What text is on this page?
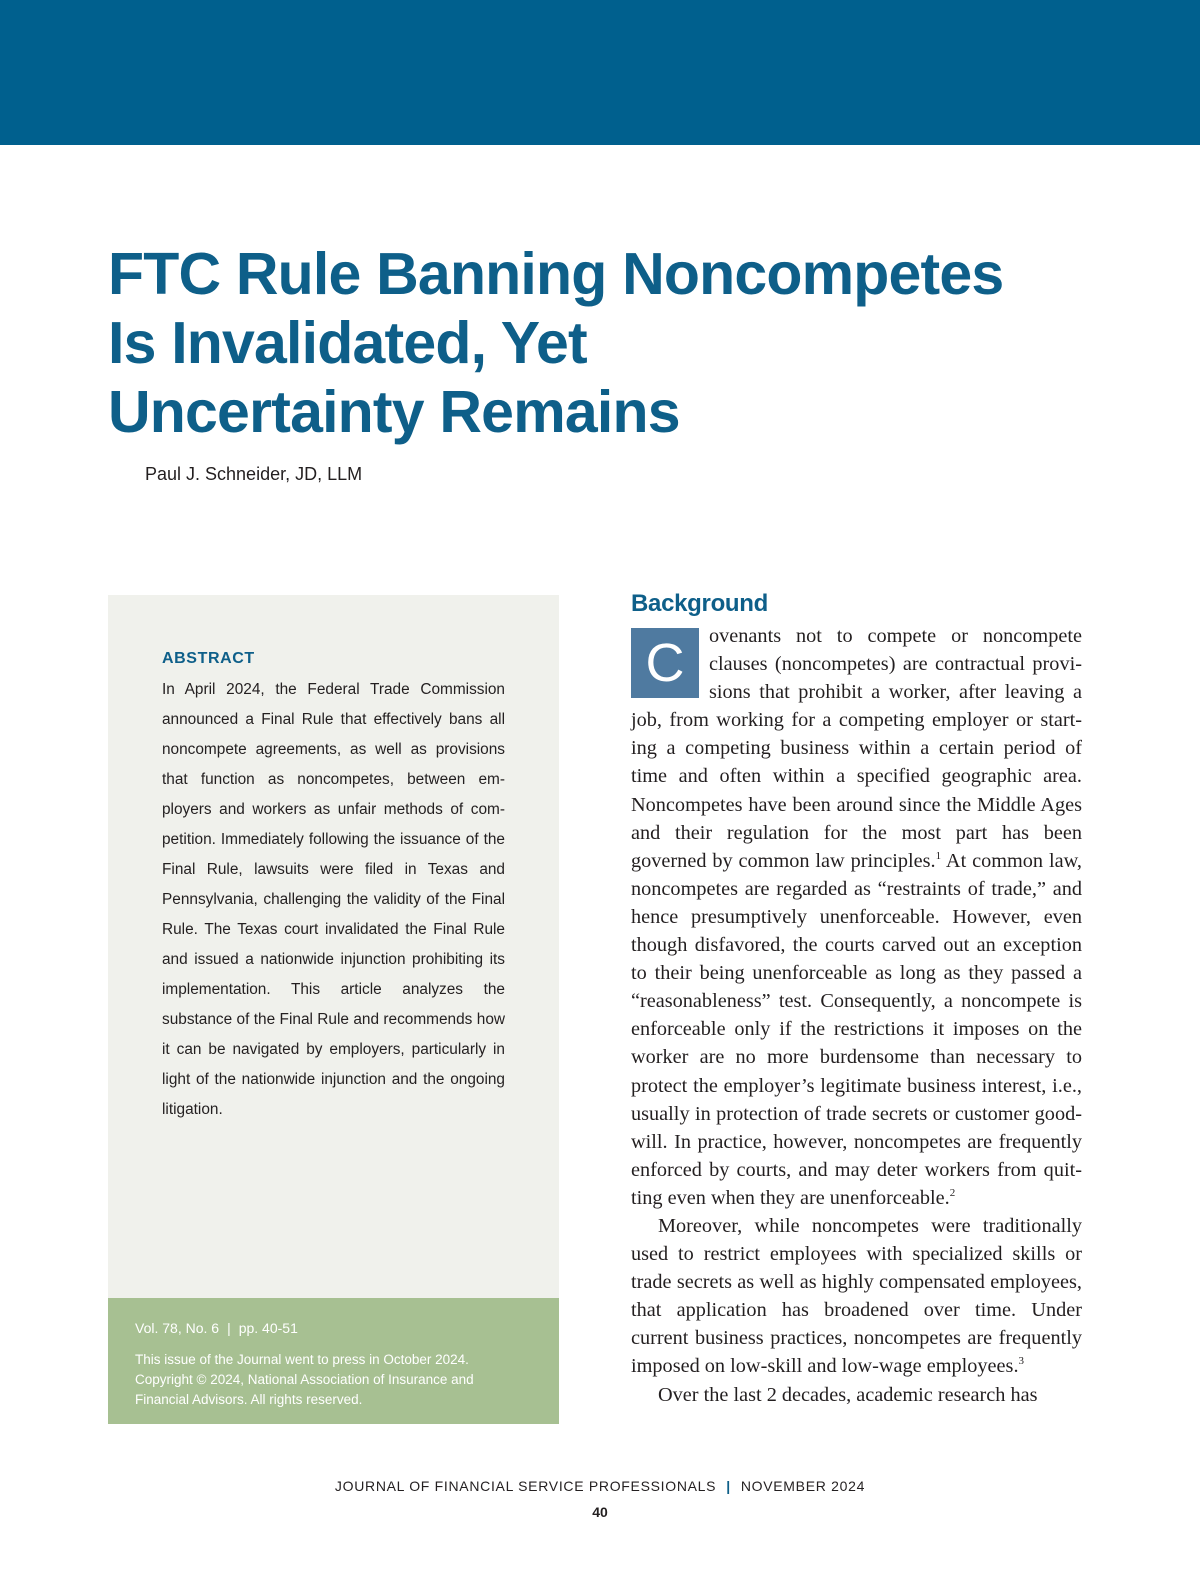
FTC Rule Banning Noncompetes
Is Invalidated, Yet
Uncertainty Remains
Paul J. Schneider, JD, LLM
ABSTRACT

In April 2024, the Federal Trade Commission announced a Final Rule that effectively bans all noncompete agreements, as well as provisions that function as noncompetes, between employers and workers as unfair methods of competition. Immediately following the issuance of the Final Rule, lawsuits were filed in Texas and Pennsylvania, challenging the validity of the Final Rule. The Texas court invalidated the Final Rule and issued a nationwide injunction prohibiting its implementation. This article analyzes the substance of the Final Rule and recommends how it can be navigated by employers, particularly in light of the nationwide injunction and the ongoing litigation.

Vol. 78, No. 6 | pp. 40-51
This issue of the Journal went to press in October 2024. Copyright © 2024, National Association of Insurance and Financial Advisors. All rights reserved.
Background

C	ovenants not to compete or noncompete clauses (noncompetes) are contractual provisions that prohibit a worker, after leaving a job, from working for a competing employer or starting a competing business within a certain period of time and often within a specified geographic area. Noncompetes have been around since the Middle Ages and their regulation for the most part has been governed by common law principles.$^1$ At common law, noncompetes are regarded as “restraints of trade,” and hence presumptively unenforceable. However, even though disfavored, the courts carved out an exception to their being unenforceable as long as they passed a “reasonableness” test. Consequently, a noncompete is enforceable only if the restrictions it imposes on the worker are no more burdensome than necessary to protect the employer’s legitimate business interest, i.e., usually in protection of trade secrets or customer goodwill. In practice, however, noncompetes are frequently enforced by courts, and may deter workers from quitting even when they are unenforceable.$^2$

Moreover, while noncompetes were traditionally used to restrict employees with specialized skills or trade secrets as well as highly compensated employees, that application has broadened over time. Under current business practices, noncompetes are frequently imposed on low-skill and low-wage employees.$^3$

Over the last 2 decades, academic research has

JOURNAL OF FINANCIAL SERVICE PROFESSIONALS | NOVEMBER 2024
40
